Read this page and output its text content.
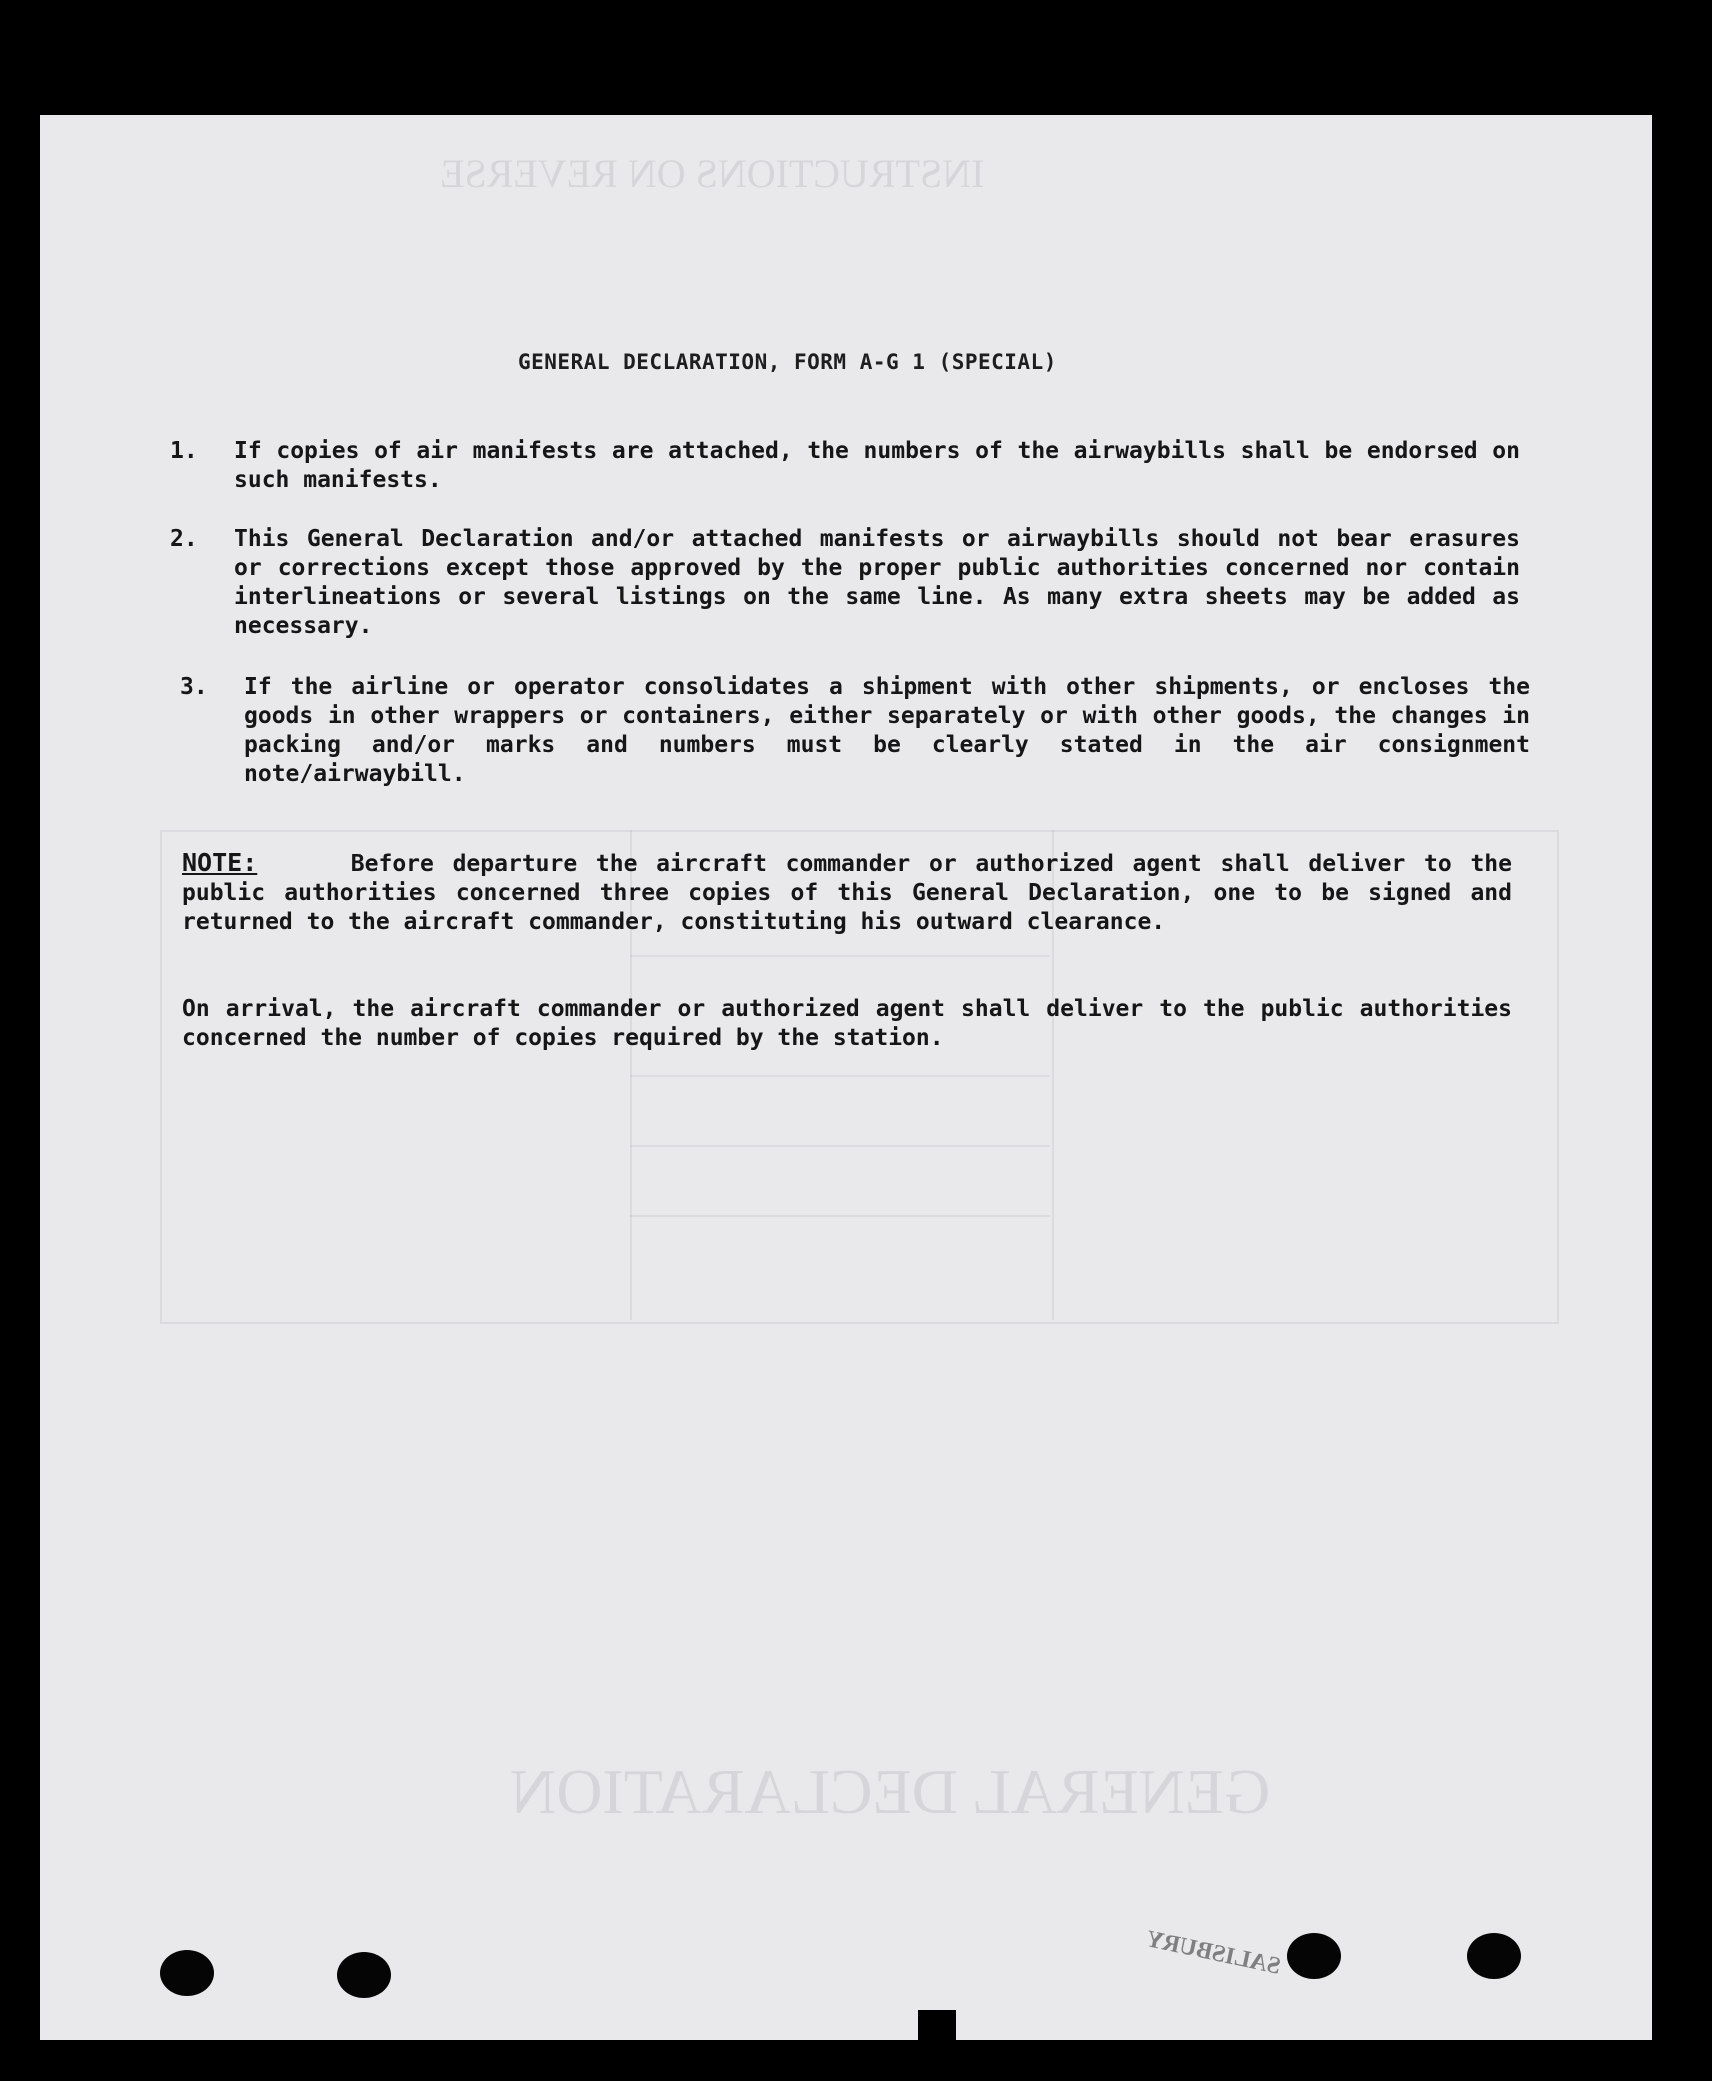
INSTRUCTIONS ON REVERSE
GENERAL DECLARATION
GENERAL DECLARATION, FORM A-G 1 (SPECIAL)
1. If copies of air manifests are attached, the numbers of the airwaybills shall be endorsed on such manifests.
2. This General Declaration and/or attached manifests or airwaybills should not bear erasures or corrections except those approved by the proper public authorities concerned nor contain interlineations or several listings on the same line. As many extra sheets may be added as necessary.
3. If the airline or operator consolidates a shipment with other shipments, or encloses the goods in other wrappers or containers, either separately or with other goods, the changes in packing and/or marks and numbers must be clearly stated in the air consignment note/airwaybill.
NOTE:	Before departure the aircraft commander or authorized agent shall deliver to the public authorities concerned three copies of this General Declaration, one to be signed and returned to the aircraft commander, constituting his outward clearance.
On arrival, the aircraft commander or authorized agent shall deliver to the public authorities concerned the number of copies required by the station.
SALISBURY
